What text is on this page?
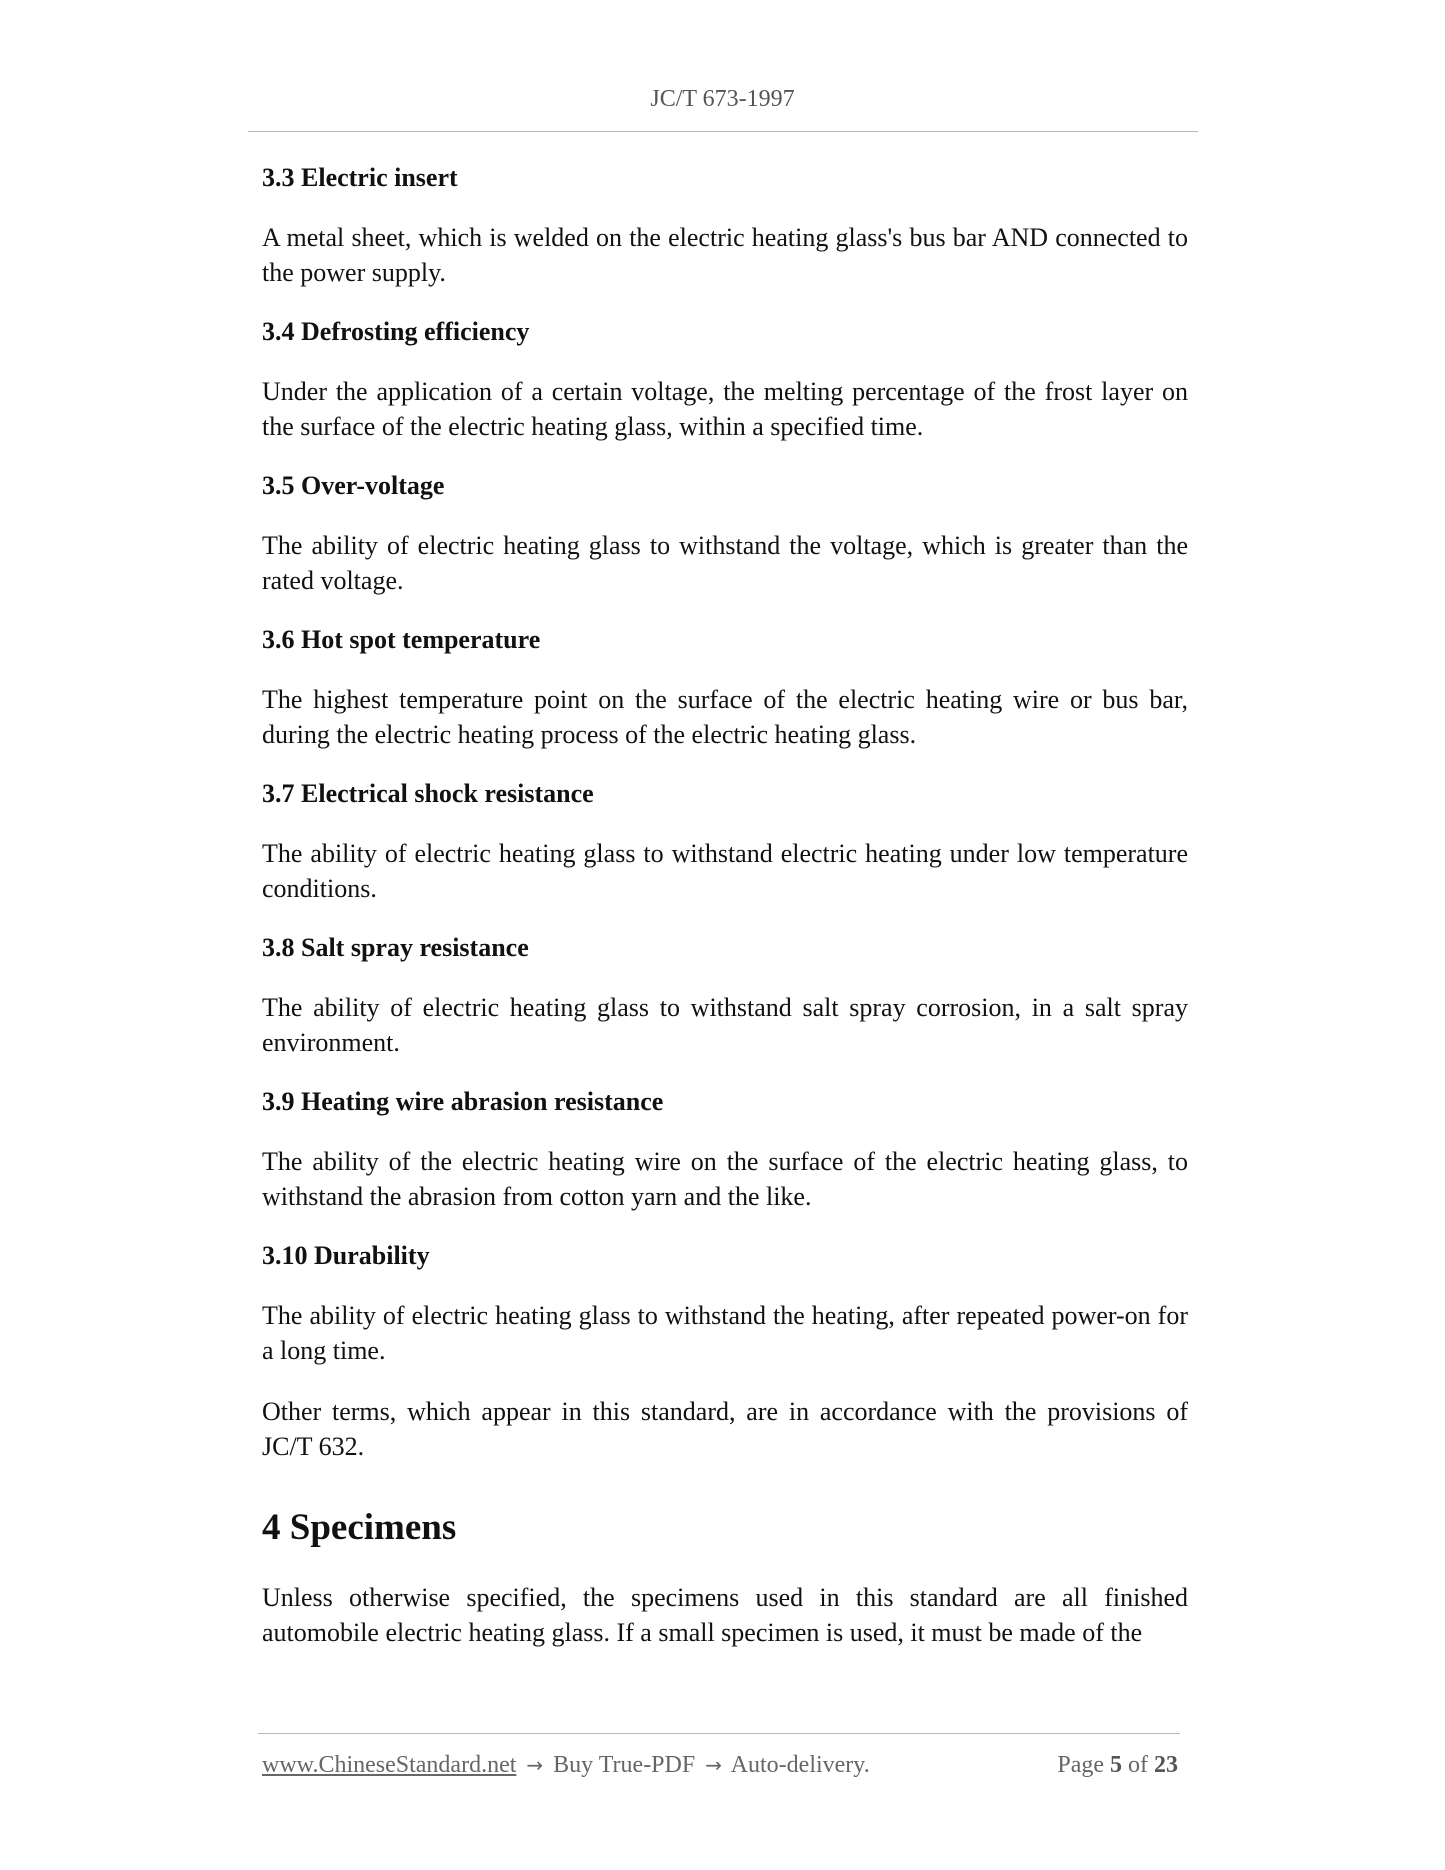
JC/T 673-1997
3.3 Electric insert
A metal sheet, which is welded on the electric heating glass's bus bar AND connected to the power supply.
3.4 Defrosting efficiency
Under the application of a certain voltage, the melting percentage of the frost layer on the surface of the electric heating glass, within a specified time.
3.5 Over-voltage
The ability of electric heating glass to withstand the voltage, which is greater than the rated voltage.
3.6 Hot spot temperature
The highest temperature point on the surface of the electric heating wire or bus bar, during the electric heating process of the electric heating glass.
3.7 Electrical shock resistance
The ability of electric heating glass to withstand electric heating under low temperature conditions.
3.8 Salt spray resistance
The ability of electric heating glass to withstand salt spray corrosion, in a salt spray environment.
3.9 Heating wire abrasion resistance
The ability of the electric heating wire on the surface of the electric heating glass, to withstand the abrasion from cotton yarn and the like.
3.10 Durability
The ability of electric heating glass to withstand the heating, after repeated power-on for a long time.
Other terms, which appear in this standard, are in accordance with the provisions of JC/T 632.
4 Specimens
Unless otherwise specified, the specimens used in this standard are all finished automobile electric heating glass. If a small specimen is used, it must be made of the
www.ChineseStandard.net → Buy True-PDF → Auto-delivery.	Page 5 of 23
